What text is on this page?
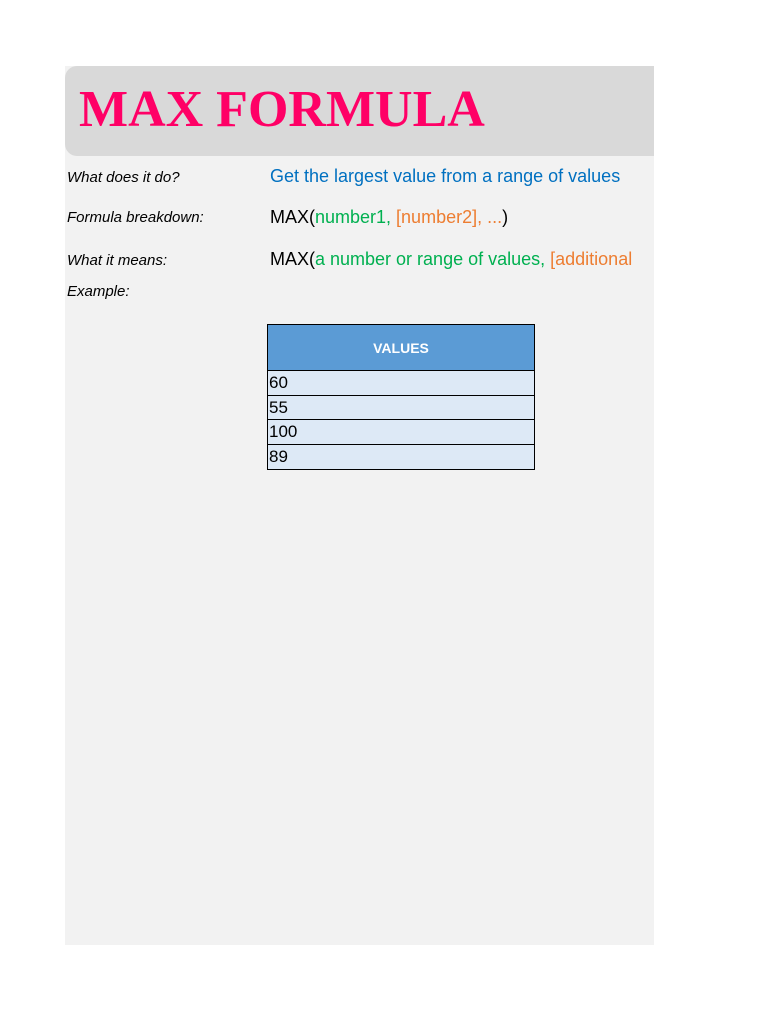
MAX FORMULA
What does it do?	Get the largest value from a range of values
Formula breakdown:	MAX(number1, [number2], ...)
What it means:	MAX(a number or range of values, [additional
Example:
VALUES
60
55
100
89
